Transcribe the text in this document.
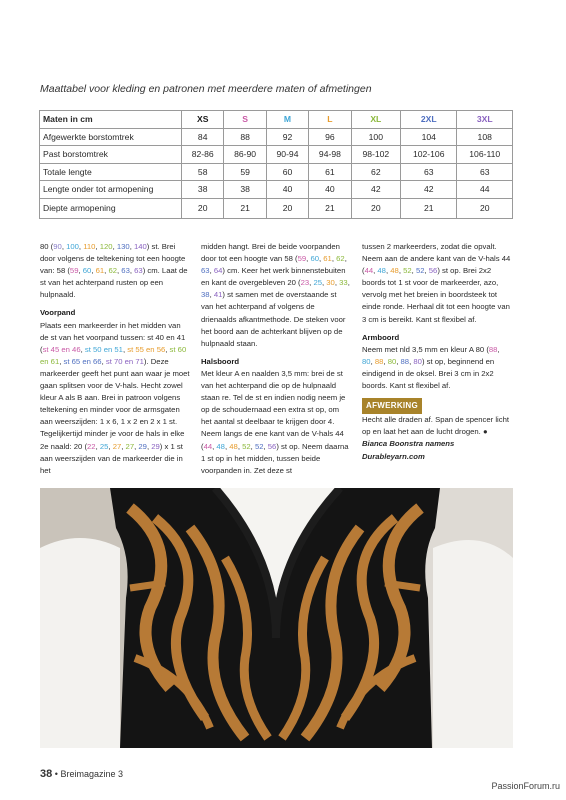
Maattabel voor kleding en patronen met meerdere maten of afmetingen
Maten in cm	XS	S	M	L	XL	2XL	3XL
Afgewerkte borstomtrek	84	88	92	96	100	104	108
Past borstomtrek	82-86	86-90	90-94	94-98	98-102	102-106	106-110
Totale lengte	58	59	60	61	62	63	63
Lengte onder tot armopening	38	38	40	40	42	42	44
Diepte armopening	20	21	20	21	20	21	20

80 (90, 100, 110, 120, 130, 140) st. Brei door volgens de teltekening tot een hoogte van: 58 (59, 60, 61, 62, 63, 63) cm. Laat de st van het achterpand rusten op een hulpnaald.

Voorpand

Plaats een markeerder in het midden van de st van het voorpand tussen: st 40 en 41 (st 45 en 46, st 50 en 51, st 55 en 56, st 60 en 61, st 65 en 66, st 70 en 71). Deze markeerder geeft het punt aan waar je moet gaan splitsen voor de V-hals. Hecht zowel kleur A als B aan. Brei in patroon volgens teltekening en minder voor de armsgaten aan weerszijden: 1 x 6, 1 x 2 en 2 x 1 st. Tegelijkertijd minder je voor de hals in elke 2e naald: 20 (22, 25, 27, 27, 29, 29) x 1 st aan weerszijden van de markeerder die in het

midden hangt. Brei de beide voorpanden door tot een hoogte van 58 (59, 60, 61, 62, 63, 64) cm. Keer het werk binnenstebuiten en kant de overgebleven 20 (23, 25, 30, 33, 38, 41) st samen met de overstaande st van het achterpand af volgens de drienaalds afkantmethode. De steken voor het boord aan de achterkant blijven op de hulpnaald staan.

Halsboord

Met kleur A en naalden 3,5 mm: brei de st van het achterpand die op de hulpnaald staan re. Tel de st en indien nodig neem je op de schoudernaad een extra st op, om het aantal st deelbaar te krijgen door 4. Neem langs de ene kant van de V-hals 44 (44, 48, 48, 52, 52, 56) st op. Neem daarna 1 st op in het midden, tussen beide voorpanden in. Zet deze st

tussen 2 markeerders, zodat die opvalt. Neem aan de andere kant van de V-hals 44 (44, 48, 48, 52, 52, 56) st op. Brei 2x2 boords tot 1 st voor de markeerder, azo, vervolg met het breien in boordsteek tot einde ronde. Herhaal dit tot een hoogte van 3 cm is bereikt. Kant st flexibel af.

Armboord

Neem met nld 3,5 mm en kleur A 80 (88, 80, 88, 80, 88, 80) st op, beginnend en eindigend in de oksel. Brei 3 cm in 2x2 boords. Kant st flexibel af.

AFWERKING

Hecht alle draden af. Span de spencer licht op en laat het aan de lucht drogen. ●

Bianca Boonstra namens

Durableyarn.com

38 • Breimagazine 3
PassionForum.ru
